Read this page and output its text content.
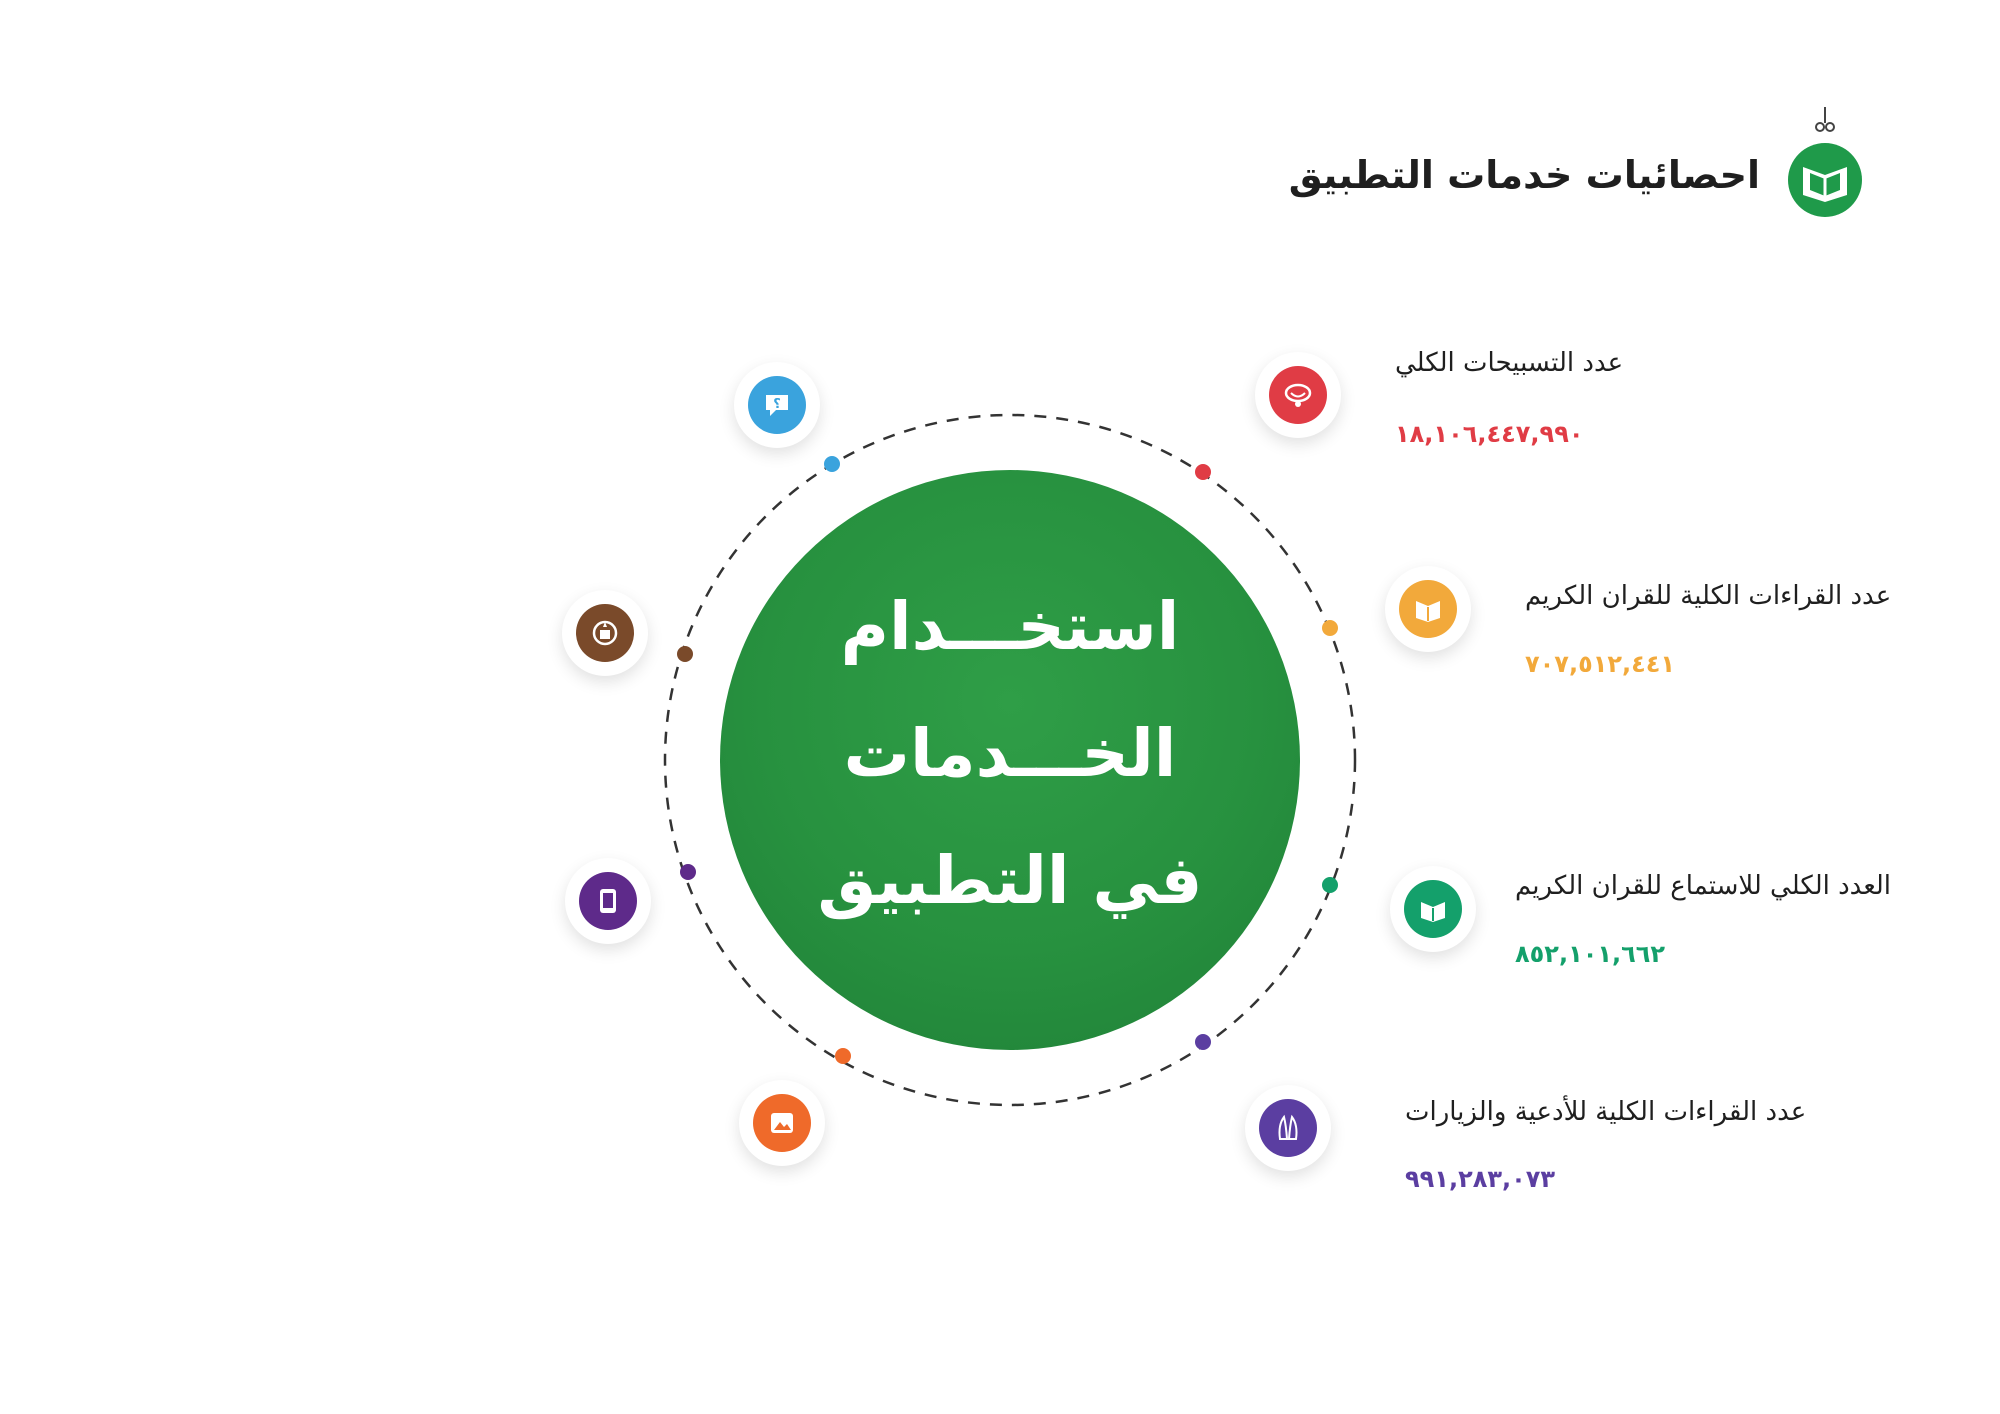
احصائيات خدمات التطبيق
استخـــدام
الخـــدمات
في التطبيق
عدد التسبيحات الكلي
١٨,١٠٦,٤٤٧,٩٩٠
عدد القراءات الكلية للقران الكريم
٧٠٧,٥١٢,٤٤١
العدد الكلي للاستماع للقران الكريم
٨٥٢,١٠١,٦٦٢
عدد القراءات الكلية للأدعية والزيارات
٩٩١,٢٨٣,٠٧٣
؟
